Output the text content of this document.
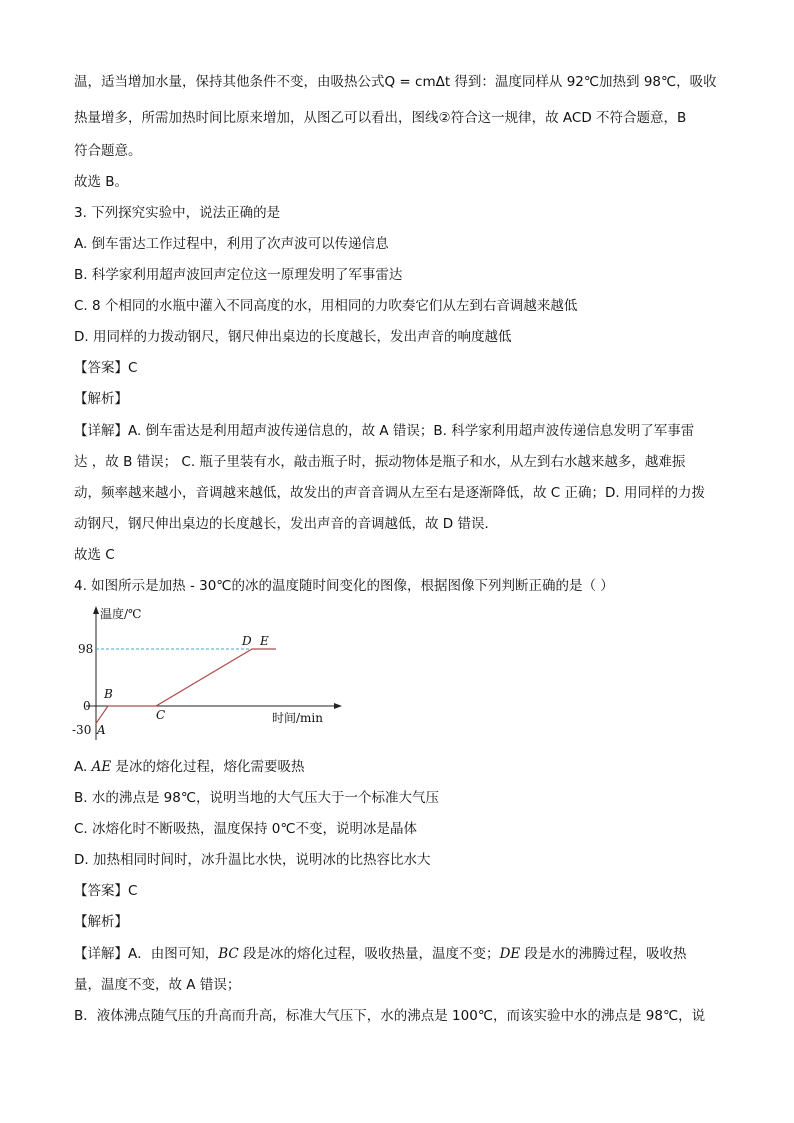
温，适当增加水量，保持其他条件不变，由吸热公式Q = cmΔt 得到：温度同样从 92℃加热到 98℃，吸收
热量增多，所需加热时间比原来增加，从图乙可以看出，图线②符合这一规律，故 ACD 不符合题意，B
符合题意。
故选 B。
3. 下列探究实验中，说法正确的是
A. 倒车雷达工作过程中，利用了次声波可以传递信息
B. 科学家利用超声波回声定位这一原理发明了军事雷达
C. 8 个相同的水瓶中灌入不同高度的水，用相同的力吹奏它们从左到右音调越来越低
D. 用同样的力拨动钢尺，钢尺伸出桌边的长度越长，发出声音的响度越低
【答案】C
【解析】
【详解】A. 倒车雷达是利用超声波传递信息的，故 A 错误；B. 科学家利用超声波传递信息发明了军事雷
达 ，故 B 错误； C. 瓶子里装有水，敲击瓶子时，振动物体是瓶子和水，从左到右水越来越多，越难振
动，频率越来越小，音调越来越低，故发出的声音音调从左至右是逐渐降低，故 C 正确；D. 用同样的力拨
动钢尺，钢尺伸出桌边的长度越长，发出声音的音调越低，故 D 错误．
故选 C
4. 如图所示是加热 - 30℃的冰的温度随时间变化的图像，根据图像下列判断正确的是（ ）
温度/℃
时间/min
98
0
-30 A
B
C
D E
A. AE 是冰的熔化过程，熔化需要吸热
B. 水的沸点是 98℃，说明当地的大气压大于一个标准大气压
C. 冰熔化时不断吸热，温度保持 0℃不变，说明冰是晶体
D. 加热相同时间时，冰升温比水快，说明冰的比热容比水大
【答案】C
【解析】
【详解】A．由图可知，BC 段是冰的熔化过程，吸收热量，温度不变；DE 段是水的沸腾过程，吸收热
量，温度不变，故 A 错误；
B．液体沸点随气压的升高而升高，标准大气压下，水的沸点是 100℃，而该实验中水的沸点是 98℃，说
